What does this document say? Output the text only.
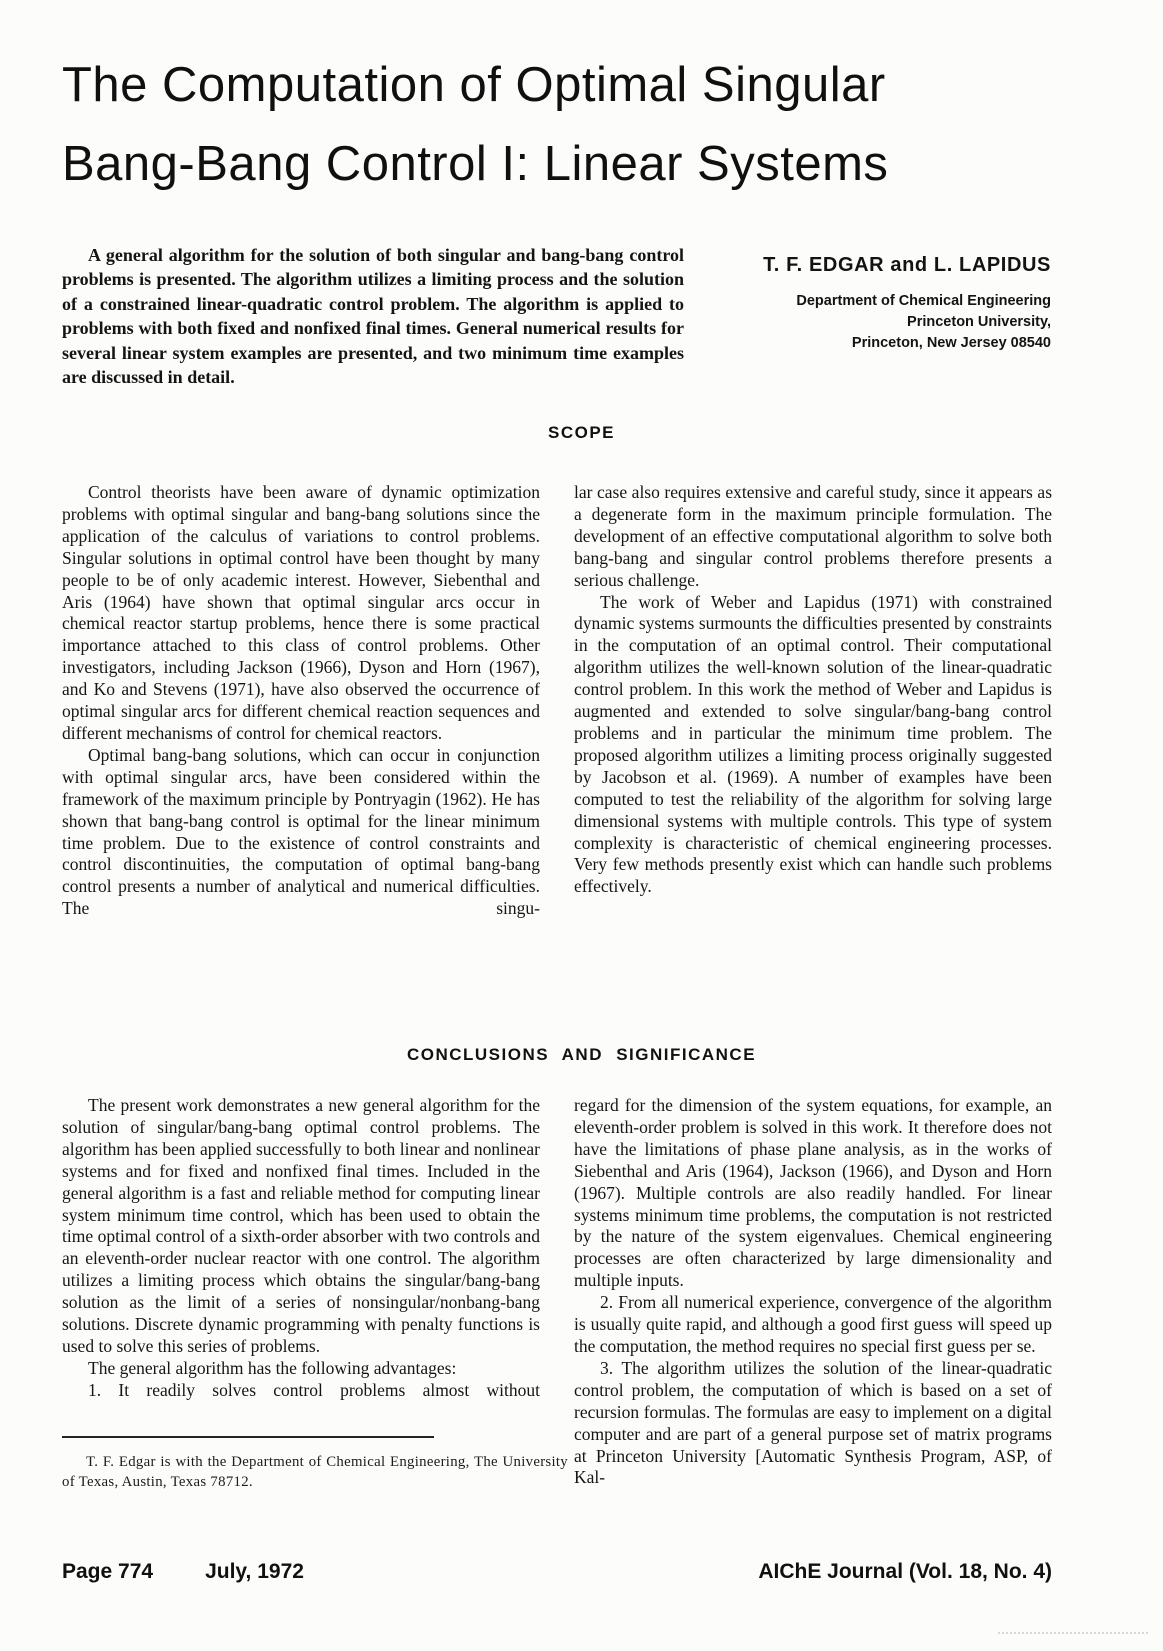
The Computation of Optimal Singular
Bang-Bang Control I: Linear Systems

A general algorithm for the solution of both singular and bang-bang control problems is presented. The algorithm utilizes a limiting process and the solution of a constrained linear-quadratic control problem. The algorithm is applied to problems with both fixed and nonfixed final times. General numerical results for several linear system examples are presented, and two minimum time examples are discussed in detail.

T. F. EDGAR and L. LAPIDUS
Department of Chemical Engineering
Princeton University,
Princeton, New Jersey 08540
SCOPE

Control theorists have been aware of dynamic optimization problems with optimal singular and bang-bang solutions since the application of the calculus of variations to control problems. Singular solutions in optimal control have been thought by many people to be of only academic interest. However, Siebenthal and Aris (1964) have shown that optimal singular arcs occur in chemical reactor startup problems, hence there is some practical importance attached to this class of control problems. Other investigators, including Jackson (1966), Dyson and Horn (1967), and Ko and Stevens (1971), have also observed the occurrence of optimal singular arcs for different chemical reaction sequences and different mechanisms of control for chemical reactors.

Optimal bang-bang solutions, which can occur in conjunction with optimal singular arcs, have been considered within the framework of the maximum principle by Pontryagin (1962). He has shown that bang-bang control is optimal for the linear minimum time problem. Due to the existence of control constraints and control discontinuities, the computation of optimal bang-bang control presents a number of analytical and numerical difficulties. The singu-

lar case also requires extensive and careful study, since it appears as a degenerate form in the maximum principle formulation. The development of an effective computational algorithm to solve both bang-bang and singular control problems therefore presents a serious challenge.

The work of Weber and Lapidus (1971) with constrained dynamic systems surmounts the difficulties presented by constraints in the computation of an optimal control. Their computational algorithm utilizes the well-known solution of the linear-quadratic control problem. In this work the method of Weber and Lapidus is augmented and extended to solve singular/bang-bang control problems and in particular the minimum time problem. The proposed algorithm utilizes a limiting process originally suggested by Jacobson et al. (1969). A number of examples have been computed to test the reliability of the algorithm for solving large dimensional systems with multiple controls. This type of system complexity is characteristic of chemical engineering processes. Very few methods presently exist which can handle such problems effectively.

CONCLUSIONS AND SIGNIFICANCE

The present work demonstrates a new general algorithm for the solution of singular/bang-bang optimal control problems. The algorithm has been applied successfully to both linear and nonlinear systems and for fixed and nonfixed final times. Included in the general algorithm is a fast and reliable method for computing linear system minimum time control, which has been used to obtain the time optimal control of a sixth-order absorber with two controls and an eleventh-order nuclear reactor with one control. The algorithm utilizes a limiting process which obtains the singular/bang-bang solution as the limit of a series of nonsingular/nonbang-bang solutions. Discrete dynamic programming with penalty functions is used to solve this series of problems.

The general algorithm has the following advantages:

1. It readily solves control problems almost without

regard for the dimension of the system equations, for example, an eleventh-order problem is solved in this work. It therefore does not have the limitations of phase plane analysis, as in the works of Siebenthal and Aris (1964), Jackson (1966), and Dyson and Horn (1967). Multiple controls are also readily handled. For linear systems minimum time problems, the computation is not restricted by the nature of the system eigenvalues. Chemical engineering processes are often characterized by large dimensionality and multiple inputs.

2. From all numerical experience, convergence of the algorithm is usually quite rapid, and although a good first guess will speed up the computation, the method requires no special first guess per se.

3. The algorithm utilizes the solution of the linear-quadratic control problem, the computation of which is based on a set of recursion formulas. The formulas are easy to implement on a digital computer and are part of a general purpose set of matrix programs at Princeton University [Automatic Synthesis Program, ASP, of Kal-

T. F. Edgar is with the Department of Chemical Engineering, The University of Texas, Austin, Texas 78712.

Page 774 July, 1972	AIChE Journal (Vol. 18, No. 4)
